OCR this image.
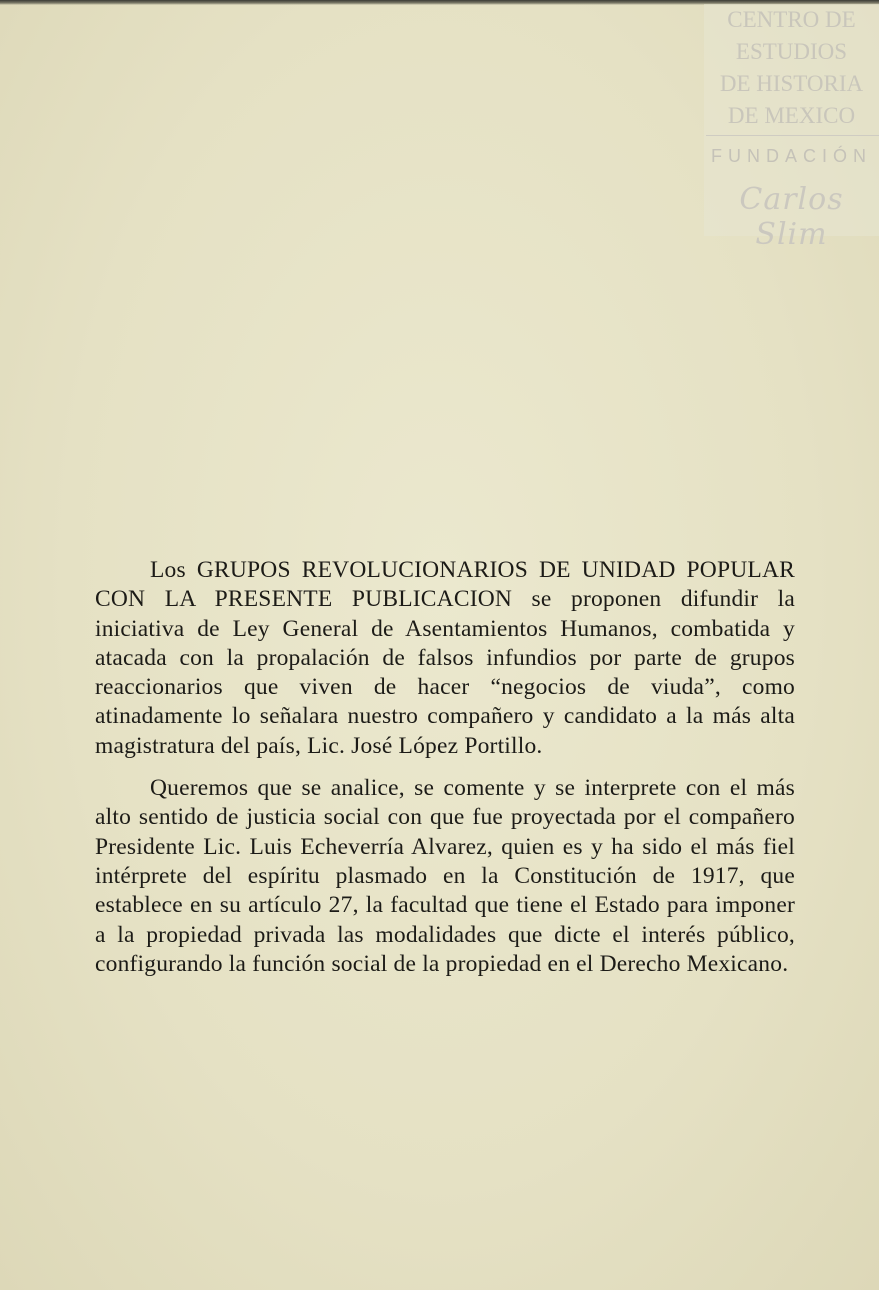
CENTRO DE
ESTUDIOS
DE HISTORIA
DE MEXICO
FUNDACIÓN
Carlos Slim

Los GRUPOS REVOLUCIONARIOS DE UNIDAD POPULAR CON LA PRESENTE PUBLICACION se proponen difundir la iniciativa de Ley General de Asentamientos Humanos, combatida y atacada con la propalación de falsos infundios por parte de grupos reaccionarios que viven de hacer “negocios de viuda”, como atinadamente lo señalara nuestro compañero y candidato a la más alta magistratura del país, Lic. José López Portillo.

Queremos que se analice, se comente y se interprete con el más alto sentido de justicia social con que fue proyectada por el compañero Presidente Lic. Luis Echeverría Alvarez, quien es y ha sido el más fiel intérprete del espíritu plasmado en la Constitución de 1917, que establece en su artículo 27, la facultad que tiene el Estado para imponer a la propiedad privada las modalidades que dicte el interés público, configurando la función social de la propiedad en el Derecho Mexicano.
